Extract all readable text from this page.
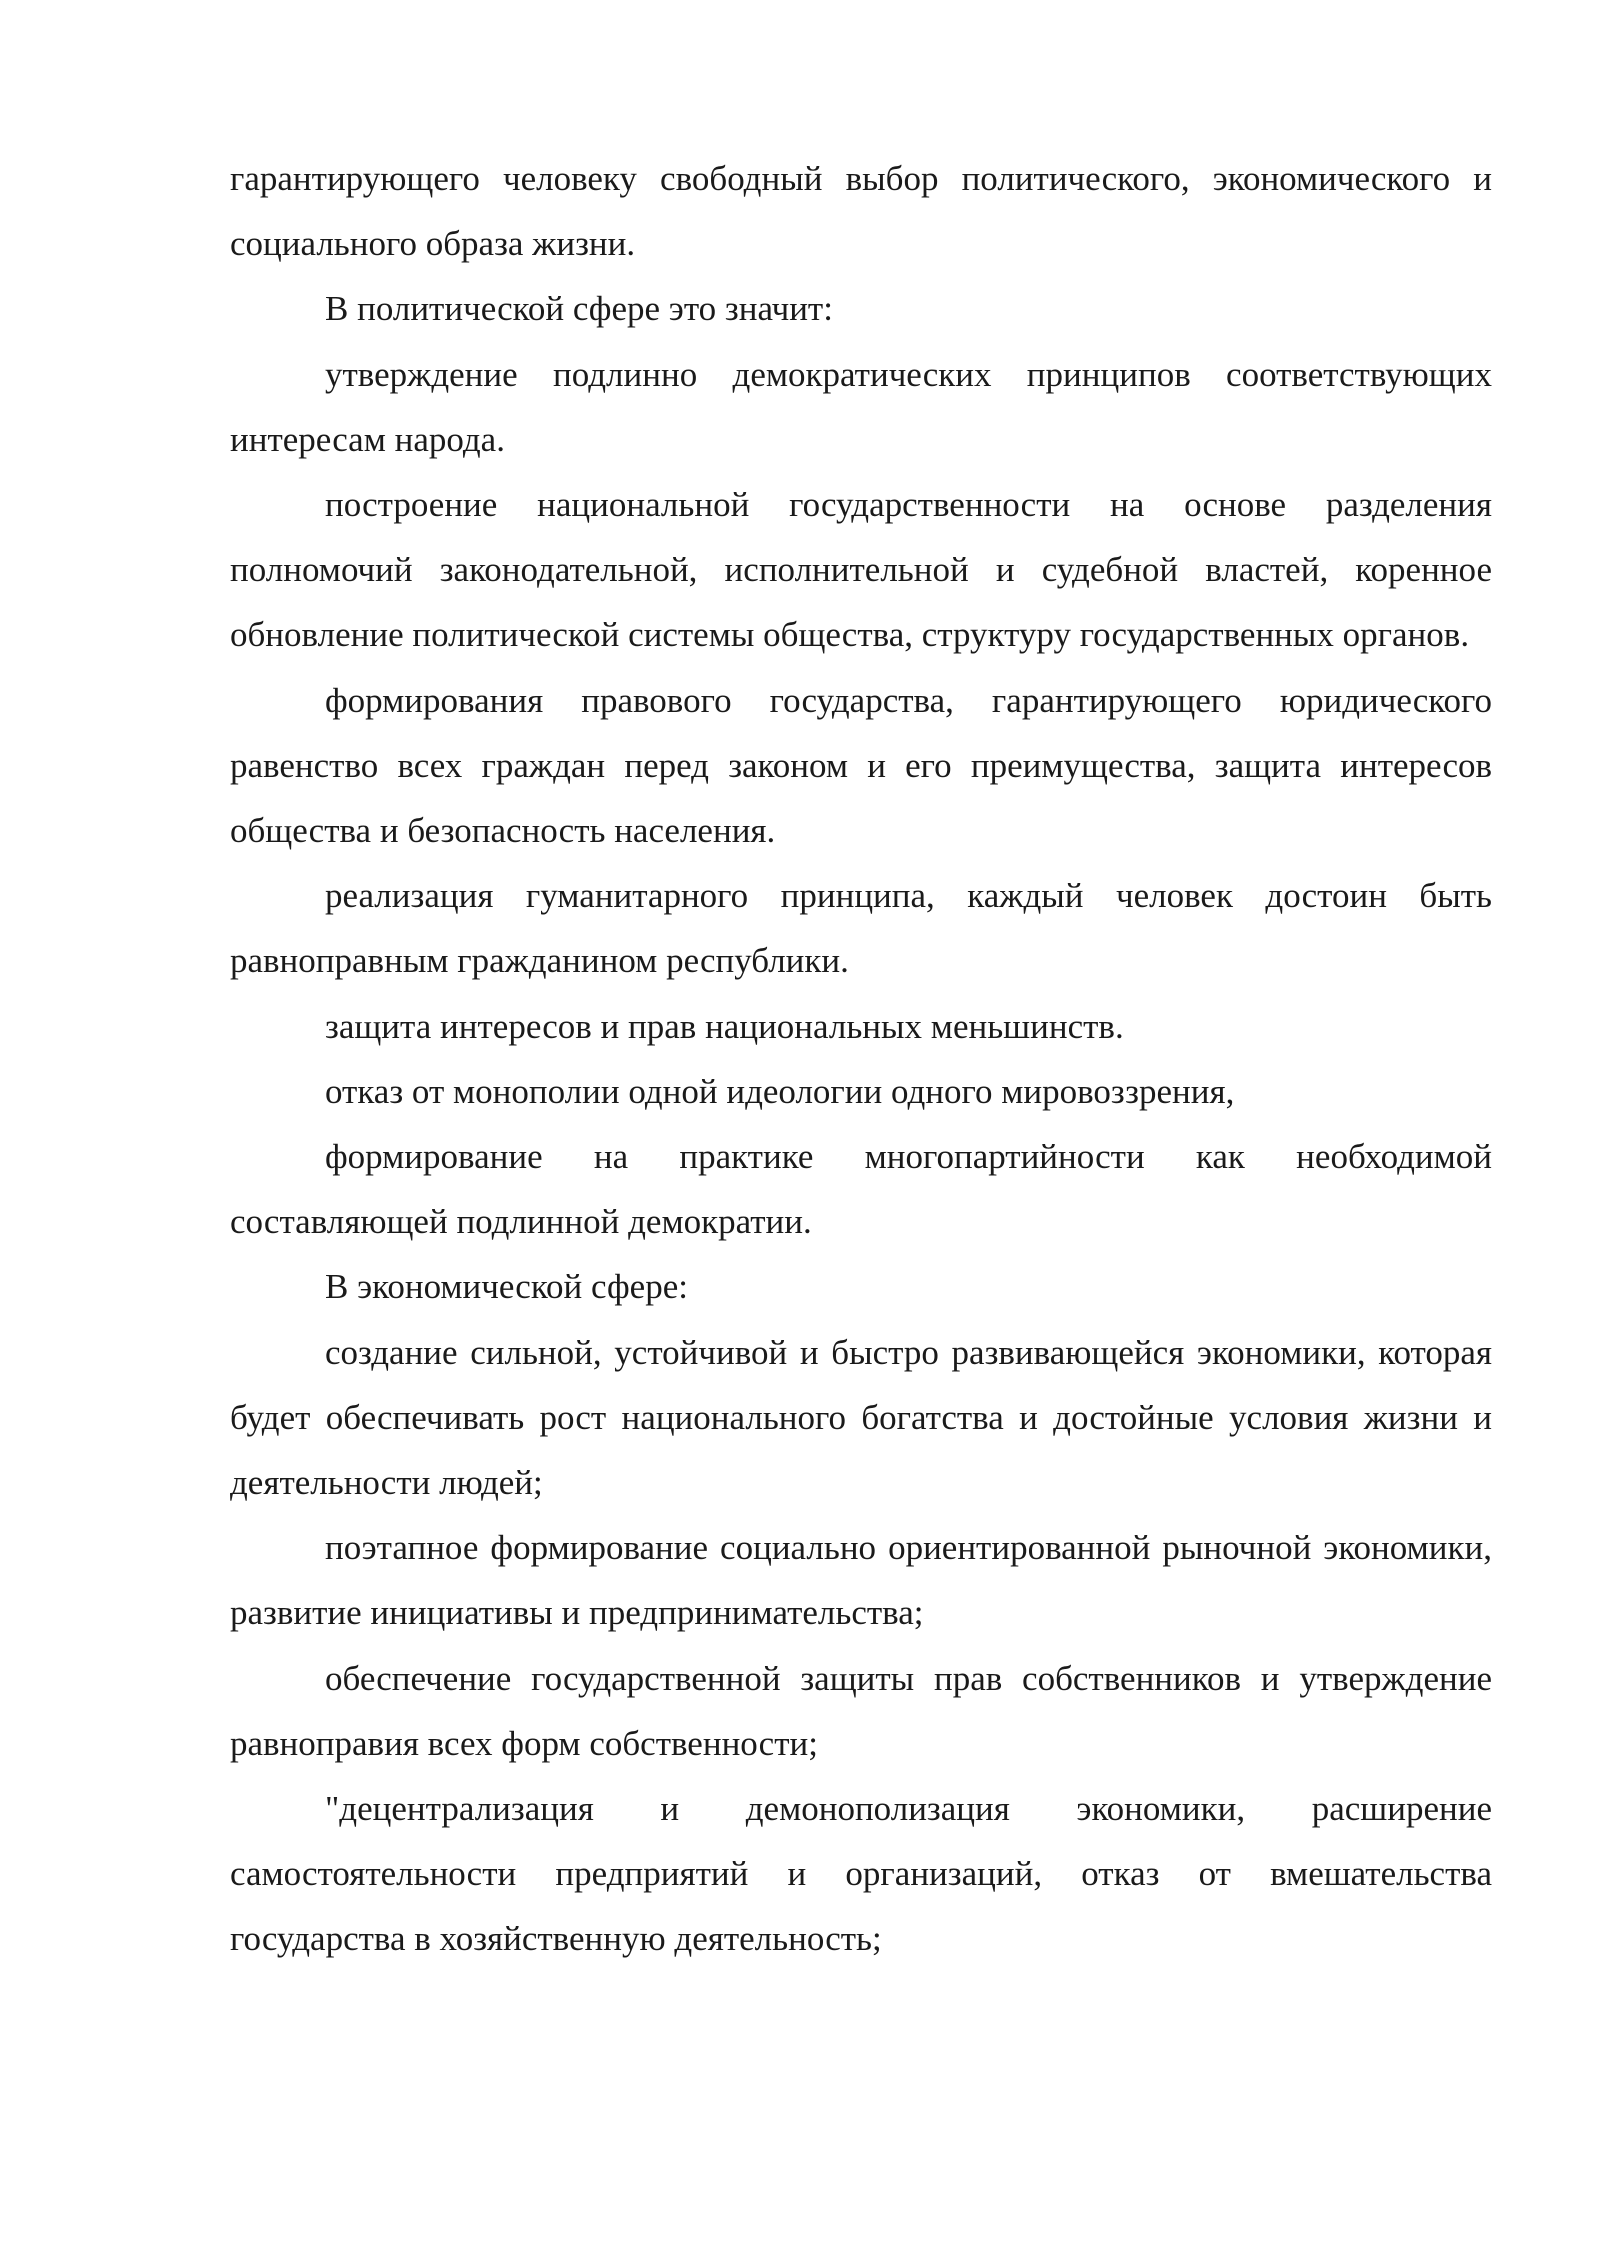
гарантирующего человеку свободный выбор политического, экономического и социального образа жизни.

В политической сфере это значит:

утверждение подлинно демократических принципов соответствующих интересам народа.

построение национальной государственности на основе разделения полномочий законодательной, исполнительной и судебной властей, коренное обновление политической системы общества, структуру государственных органов.

формирования правового государства, гарантирующего юридического равенство всех граждан перед законом и его преимущества, защита интересов общества и безопасность населения.

реализация гуманитарного принципа, каждый человек достоин быть равноправным гражданином республики.

защита интересов и прав национальных меньшинств.

отказ от монополии одной идеологии одного мировоззрения,

формирование на практике многопартийности как необходимой составляющей подлинной демократии.

В экономической сфере:

создание сильной, устойчивой и быстро развивающейся экономики, которая будет обеспечивать рост национального богатства и достойные условия жизни и деятельности людей;

поэтапное формирование социально ориентированной рыночной экономики, развитие инициативы и предпринимательства;

обеспечение государственной защиты прав собственников и утверждение равноправия всех форм собственности;

"децентрализация и демонополизация экономики, расширение самостоятельности предприятий и организаций, отказ от вмешательства государства в хозяйственную деятельность;
